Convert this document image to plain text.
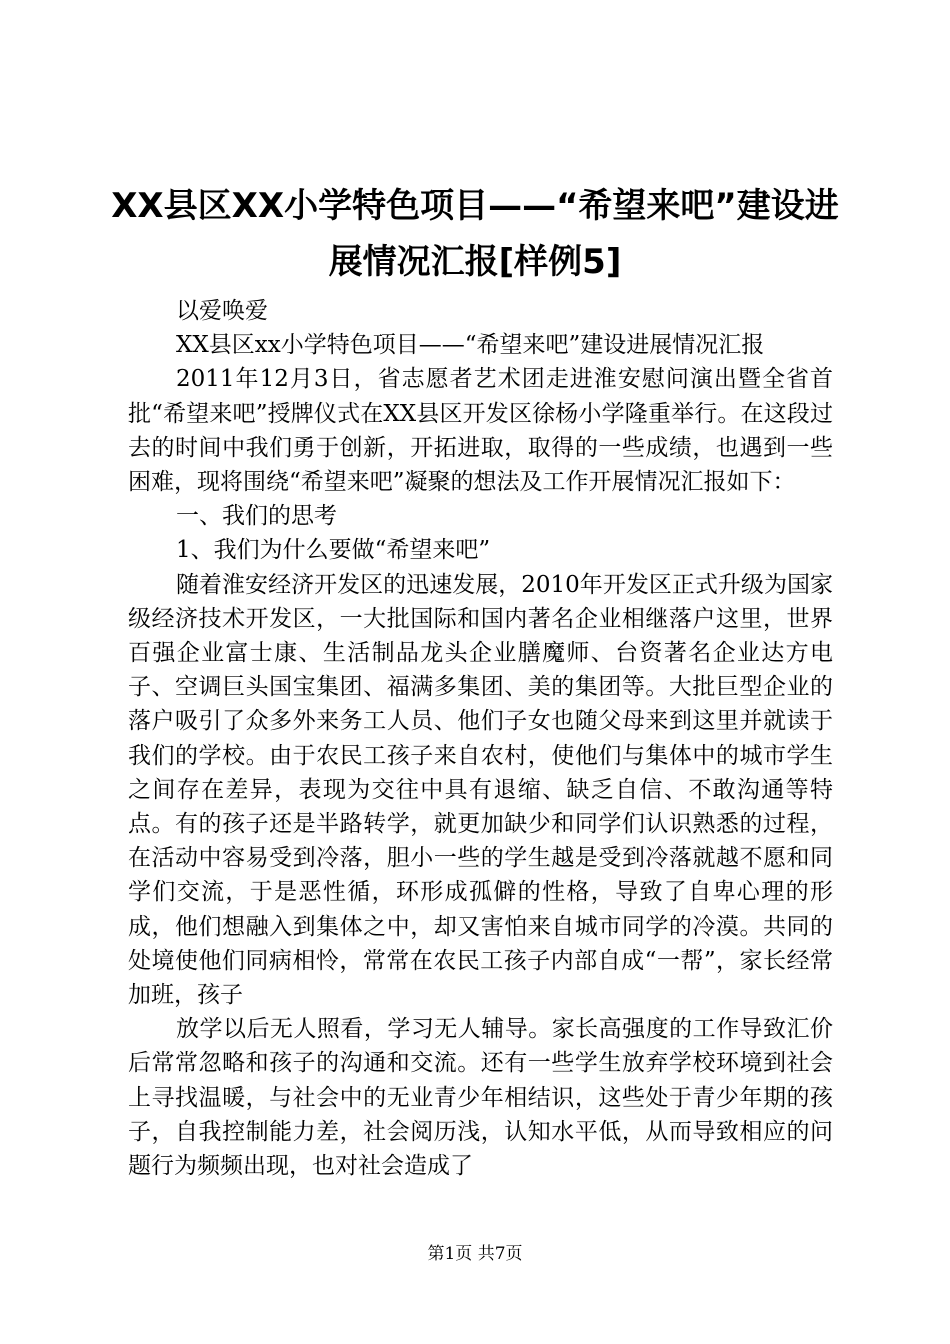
XX县区XX小学特色项目——“希望来吧”建设进展情况汇报[样例5]

以爱唤爱

XX县区xx小学特色项目——“希望来吧”建设进展情况汇报

2011年12月3日，省志愿者艺术团走进淮安慰问演出暨全省首批“希望来吧”授牌仪式在XX县区开发区徐杨小学隆重举行。在这段过去的时间中我们勇于创新，开拓进取，取得的一些成绩，也遇到一些困难，现将围绕“希望来吧”凝聚的想法及工作开展情况汇报如下：

一、我们的思考

1、我们为什么要做“希望来吧”

随着淮安经济开发区的迅速发展，2010年开发区正式升级为国家级经济技术开发区，一大批国际和国内著名企业相继落户这里，世界百强企业富士康、生活制品龙头企业膳魔师、台资著名企业达方电子、空调巨头国宝集团、福满多集团、美的集团等。大批巨型企业的落户吸引了众多外来务工人员、他们子女也随父母来到这里并就读于我们的学校。由于农民工孩子来自农村，使他们与集体中的城市学生之间存在差异，表现为交往中具有退缩、缺乏自信、不敢沟通等特点。有的孩子还是半路转学，就更加缺少和同学们认识熟悉的过程，在活动中容易受到冷落，胆小一些的学生越是受到冷落就越不愿和同学们交流，于是恶性循，环形成孤僻的性格，导致了自卑心理的形成，他们想融入到集体之中，却又害怕来自城市同学的冷漠。共同的处境使他们同病相怜，常常在农民工孩子内部自成“一帮”，家长经常加班，孩子

放学以后无人照看，学习无人辅导。家长高强度的工作导致汇价后常常忽略和孩子的沟通和交流。还有一些学生放弃学校环境到社会上寻找温暖，与社会中的无业青少年相结识，这些处于青少年期的孩子，自我控制能力差，社会阅历浅，认知水平低，从而导致相应的问题行为频频出现，也对社会造成了

第1页 共7页
